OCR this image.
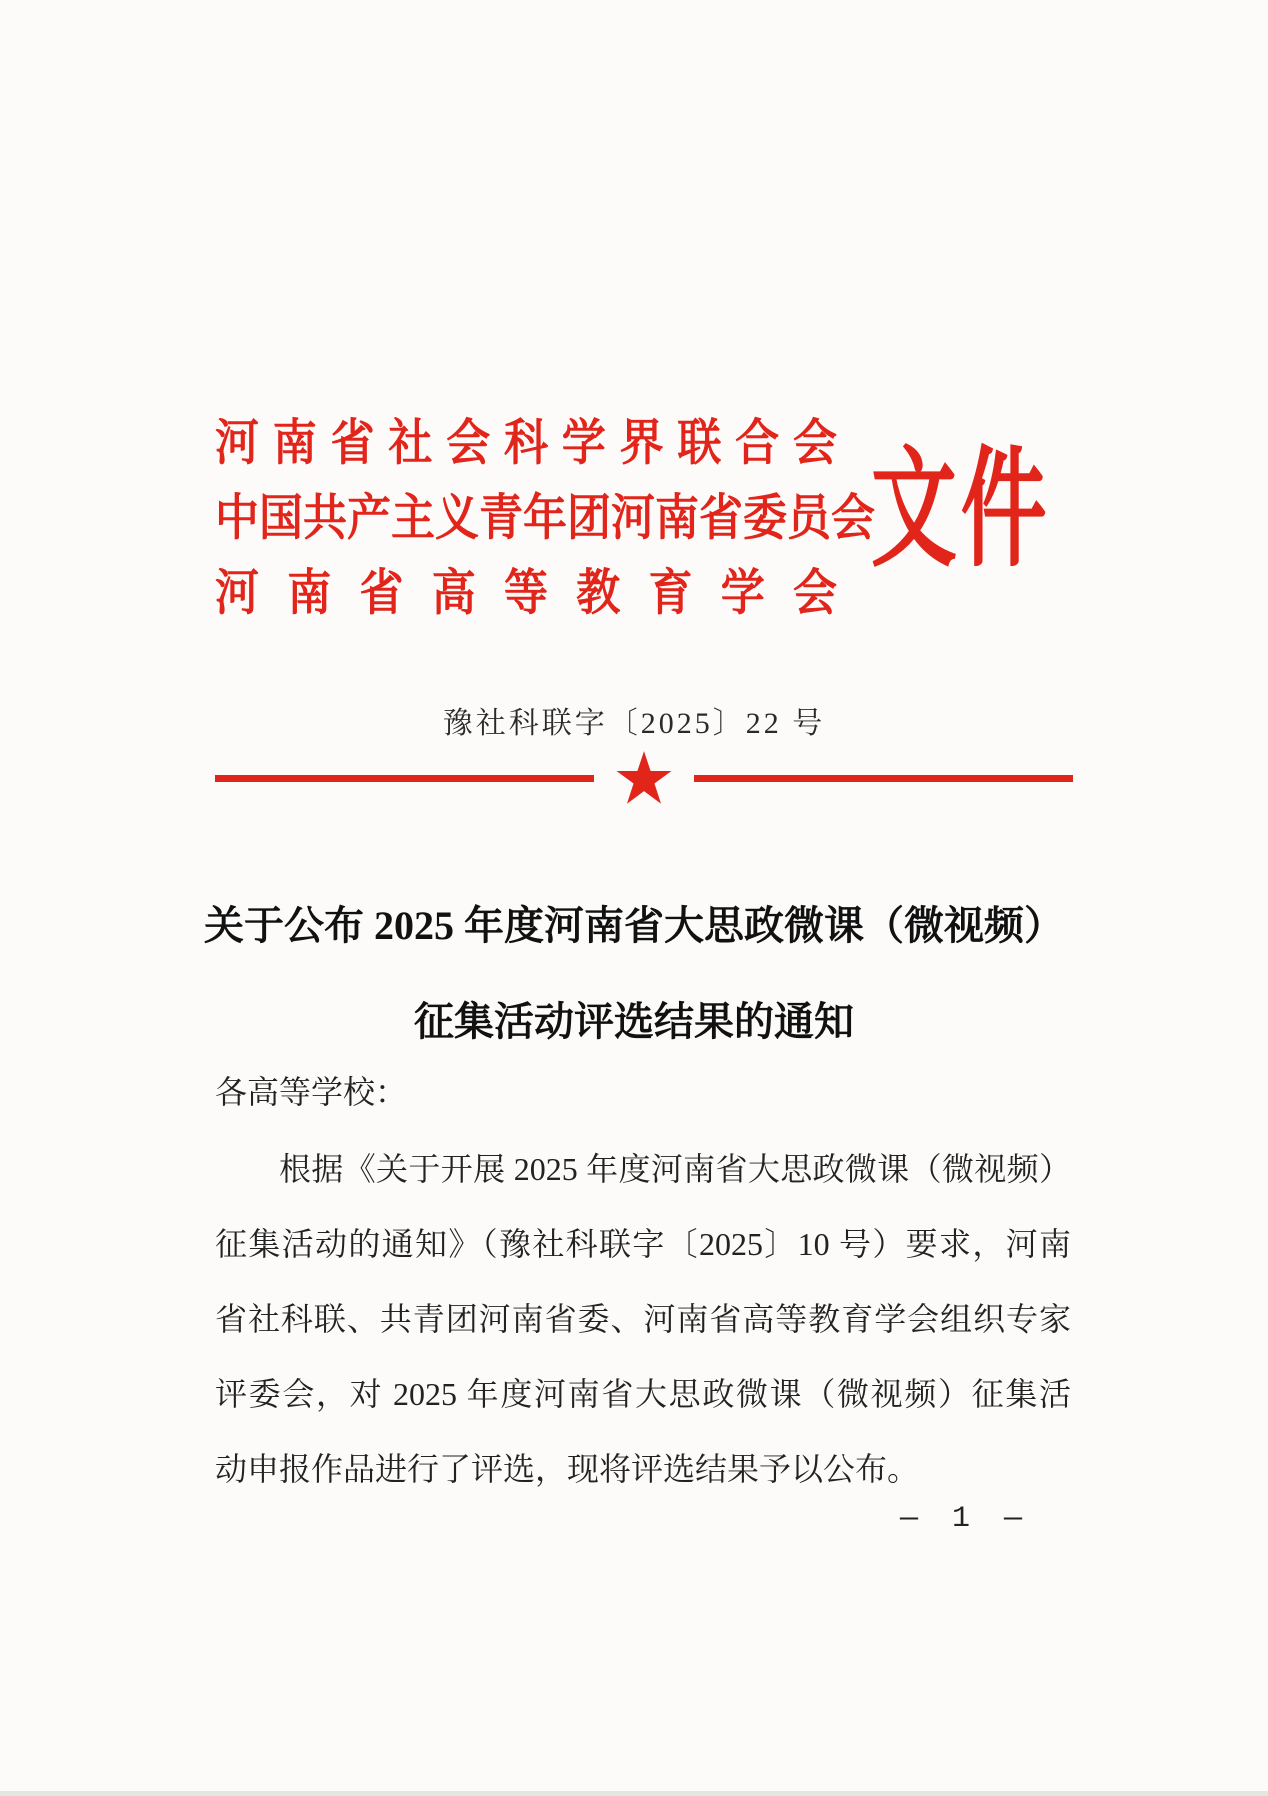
河 南 省 社 会 科 学 界 联 合 会
中 国 共 产 主 义 青 年 团 河 南 省 委 员 会
河 南 省 高 等 教 育 学 会
文件
豫社科联字〔2025〕22 号
关于公布 2025 年度河南省大思政微课（微视频）
征集活动评选结果的通知
各高等学校：
根据《关于开展 2025 年度河南省大思政微课（微视频）
征集活动的通知》（豫社科联字〔2025〕10 号）要求，河南
省社科联、共青团河南省委、河南省高等教育学会组织专家
评委会，对 2025 年度河南省大思政微课（微视频）征集活
动申报作品进行了评选，现将评选结果予以公布。
— 1 —
